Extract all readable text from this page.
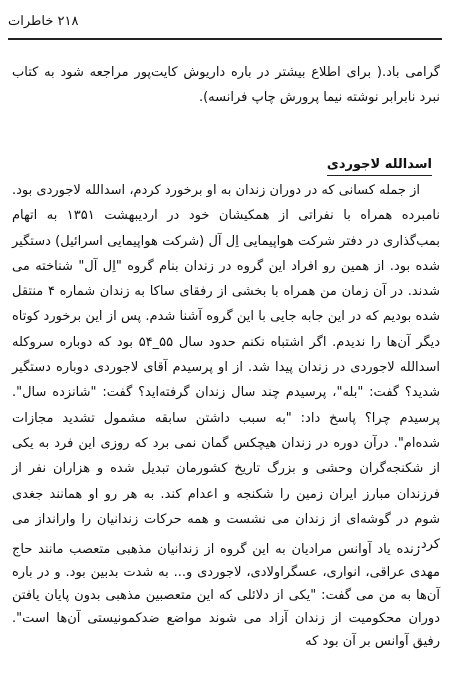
۲۱۸ خاطرات

گرامی باد.( برای اطلاع بیشتر در باره داریوش کایت‌پور مراجعه شود به کتاب نبرد نابرابر نوشته نیما پرورش چاپ فرانسه).

اسدالله لاجوردی

از جمله کسانی که در دوران زندان به او برخورد کردم، اسدالله لاجوردی بود. نامبرده همراه با نفراتی از همکیشان خود در اردیبهشت ۱۳۵۱ به اتهام بمب‌گذاری در دفتر شرکت هواپیمایی اِل آل (شرکت هواپیمایی اسرائیل) دستگیر شده بود. از همین رو افراد این گروه در زندان بنام گروه "اِل آل" شناخته می شدند. در آن زمان من همراه با بخشی از رفقای ساکا به زندان شماره ۴ منتقل شده بودیم که در این جابه جایی با این گروه آشنا شدم. پس از این برخورد کوتاه دیگر آن‌ها را ندیدم. اگر اشتباه نکنم حدود سال ۵۵_۵۴ بود که دوباره سروکله اسدالله لاجوردی در زندان پیدا شد. از او پرسیدم آقای لاجوردی دوباره دستگیر شدید؟ گفت: "بله"، پرسیدم چند سال زندان گرفته‌اید؟ گفت: "شانزده سال". پرسیدم چرا؟ پاسخ داد: "به سبب داشتن سابقه مشمول تشدید مجازات شده‌ام". درآن دوره در زندان هیچکس گمان نمی برد که روزی این فرد به یکی از شکنجه‌گران وحشی و بزرگ تاریخ کشورمان تبدیل شده و هزاران نفر از فرزندان مبارز ایران زمین را شکنجه و اعدام کند. به هر رو او همانند جغدی شوم در گوشه‌ای از زندان می نشست و همه حرکات زندانیان را وارانداز می کرد.

زنده یاد آوانس مرادیان به این گروه از زندانیان مذهبی متعصب مانند حاج مهدی عراقی، انواری، عسگراولادی، لاجوردی و... به شدت بدبین بود. و در باره آن‌ها به من می گفت: "یکی از دلائلی که این متعصبین مذهبی بدون پایان یافتن دوران محکومیت از زندان آزاد می شوند مواضع ضدکمونیستی آن‌ها است". رفیق آوانس بر آن بود که
